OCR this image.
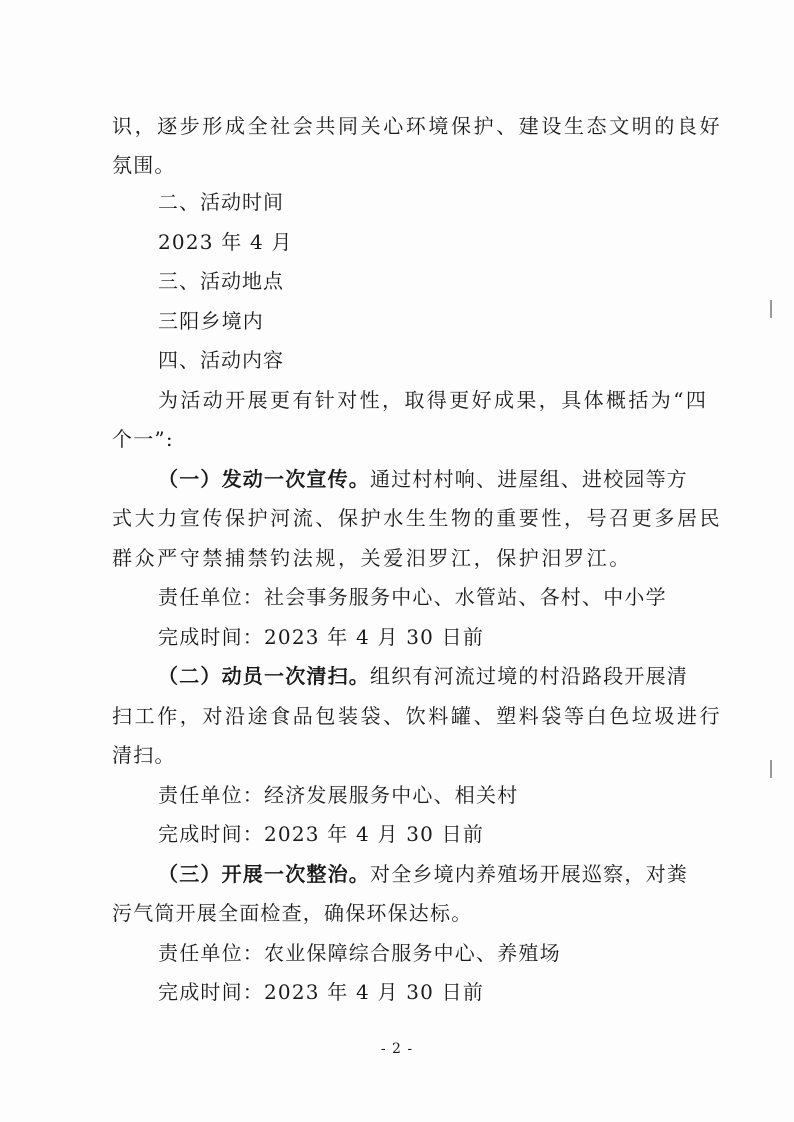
识，逐步形成全社会共同关心环境保护、建设生态文明的良好
氛围。
二、活动时间
2023 年 4 月
三、活动地点
三阳乡境内
四、活动内容
为活动开展更有针对性，取得更好成果，具体概括为“四
个一”:
（一）发动一次宣传。通过村村响、进屋组、进校园等方
式大力宣传保护河流、保护水生生物的重要性，号召更多居民
群众严守禁捕禁钓法规，关爱汨罗江，保护汨罗江。
责任单位：社会事务服务中心、水管站、各村、中小学
完成时间：2023 年 4 月 30 日前
（二）动员一次清扫。组织有河流过境的村沿路段开展清
扫工作，对沿途食品包装袋、饮料罐、塑料袋等白色垃圾进行
清扫。
责任单位：经济发展服务中心、相关村
完成时间：2023 年 4 月 30 日前
（三）开展一次整治。对全乡境内养殖场开展巡察，对粪
污气筒开展全面检查，确保环保达标。
责任单位：农业保障综合服务中心、养殖场
完成时间：2023 年 4 月 30 日前
- 2 -
